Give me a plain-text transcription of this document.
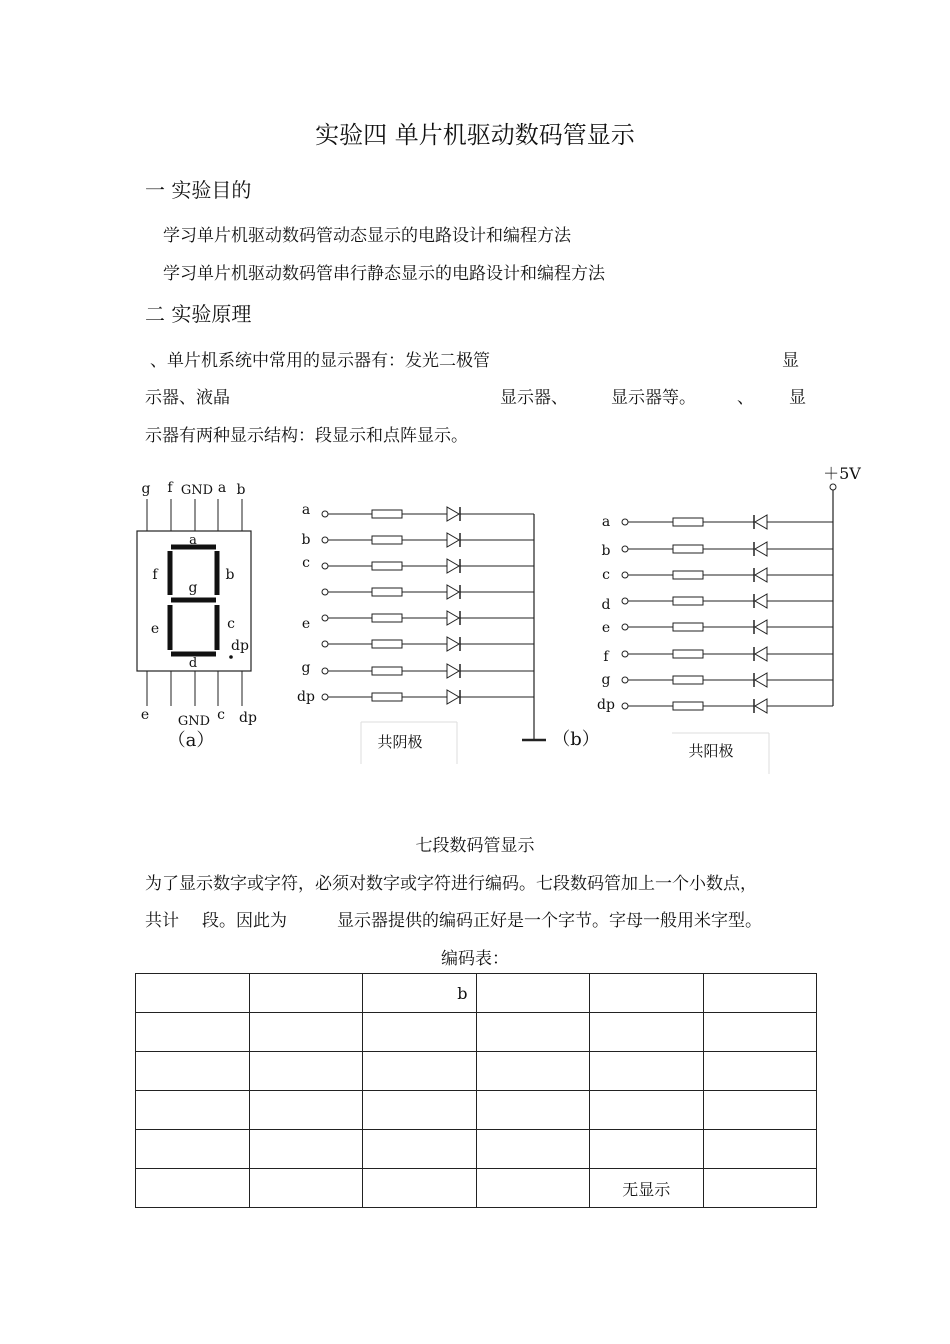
实验四 单片机驱动数码管显示
一 实验目的
学习单片机驱动数码管动态显示的电路设计和编程方法
学习单片机驱动数码管串行静态显示的电路设计和编程方法
二 实验原理
、单片机系统中常用的显示器有：发光二极管	显
示器、液晶	显示器、	显示器等。 、 显
示器有两种显示结构：段显示和点阵显示。
g f GND a b
e GND c dp
a
f
g
b
e	c
dp
d
（a）
a
b
c
e
g
dp
共阴极	（b）
a
b
c
d
e
f
g
dp
共阳极
＋5V
七段数码管显示
为了显示数字或字符，必须对数字或字符进行编码。七段数码管加上一个小数点，
共计 段。因此为	显示器提供的编码正好是一个字节。字母一般用米字型。
编码表：
		b			

				无显示	
